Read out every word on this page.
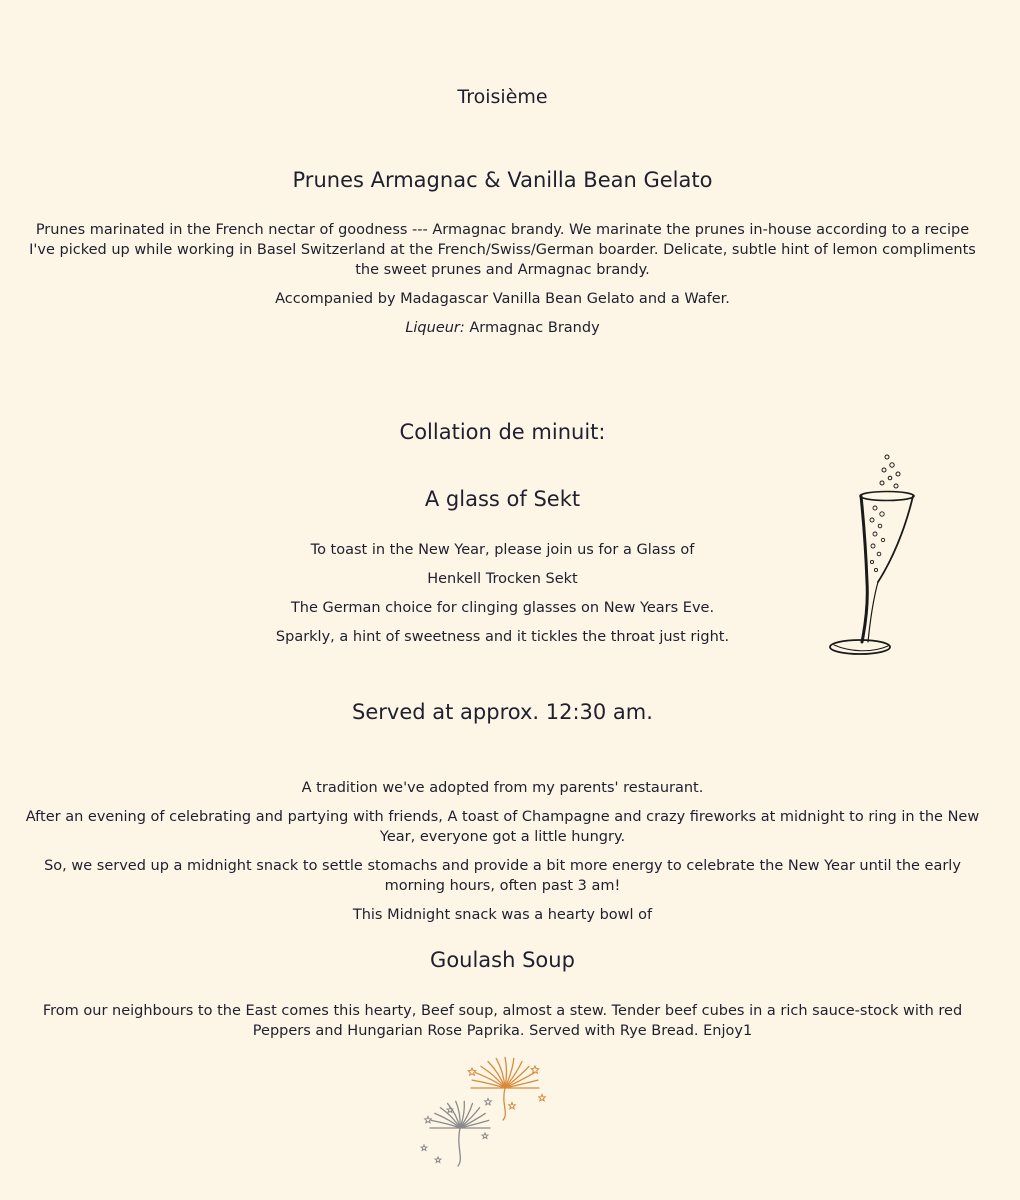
Troisième
Prunes Armagnac & Vanilla Bean Gelato
Prunes marinated in the French nectar of goodness --- Armagnac brandy. We marinate the prunes in-house according to a recipe I've picked up while working in Basel Switzerland at the French/Swiss/German boarder. Delicate, subtle hint of lemon compliments the sweet prunes and Armagnac brandy.
Accompanied by Madagascar Vanilla Bean Gelato and a Wafer.
Liqueur: Armagnac Brandy
Collation de minuit:
A glass of Sekt
To toast in the New Year, please join us for a Glass of
Henkell Trocken Sekt
The German choice for clinging glasses on New Years Eve.
Sparkly, a hint of sweetness and it tickles the throat just right.
Served at approx. 12:30 am.
A tradition we've adopted from my parents' restaurant.
After an evening of celebrating and partying with friends, A toast of Champagne and crazy fireworks at midnight to ring in the New Year, everyone got a little hungry.
So, we served up a midnight snack to settle stomachs and provide a bit more energy to celebrate the New Year until the early morning hours, often past 3 am!
This Midnight snack was a hearty bowl of
Goulash Soup
From our neighbours to the East comes this hearty, Beef soup, almost a stew. Tender beef cubes in a rich sauce-stock with red Peppers and Hungarian Rose Paprika. Served with Rye Bread. Enjoy1
